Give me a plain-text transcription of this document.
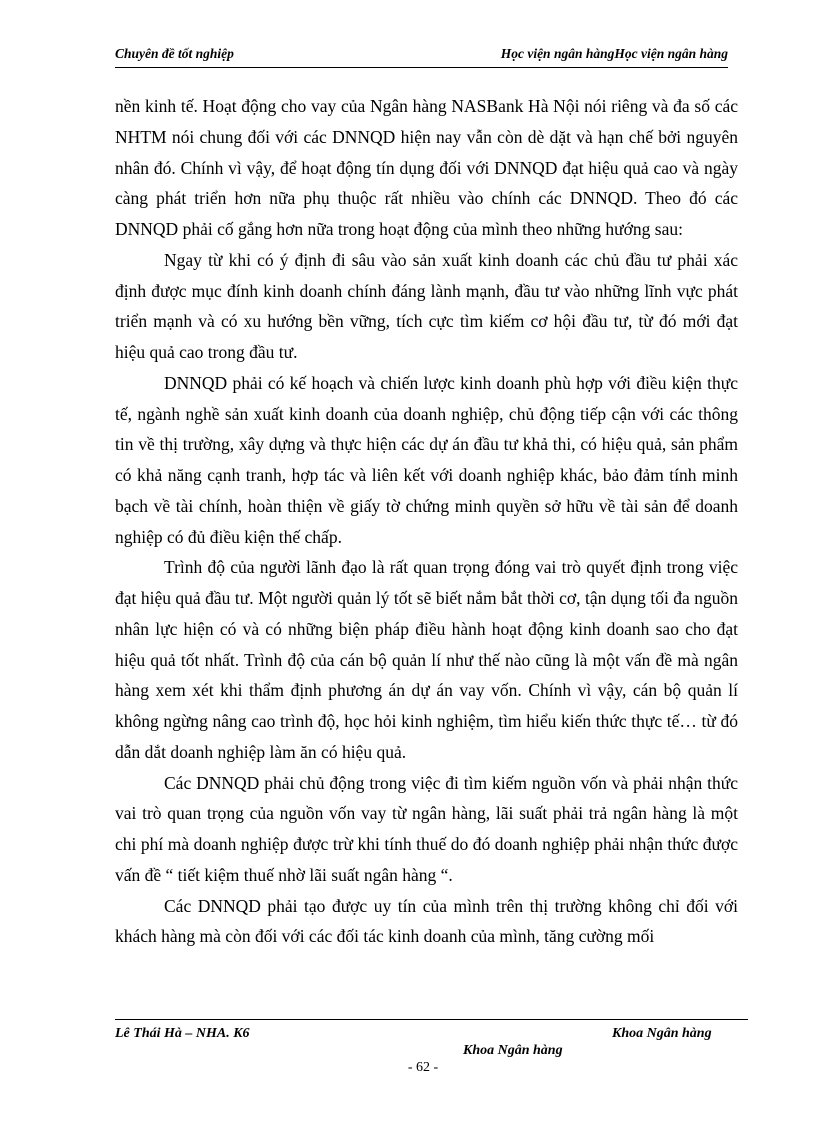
Chuyên đề tốt nghiệp	Học viện ngân hàngHọc viện ngân hàng

nền kinh tế. Hoạt động cho vay của Ngân hàng NASBank Hà Nội nói riêng và đa số các NHTM nói chung đối với các DNNQD hiện nay vẫn còn dè dặt và hạn chế bởi nguyên nhân đó. Chính vì vậy, để hoạt động tín dụng đối với DNNQD đạt hiệu quả cao và ngày càng phát triển hơn nữa phụ thuộc rất nhiều vào chính các DNNQD. Theo đó các DNNQD phải cố gắng hơn nữa trong hoạt động của mình theo những hướng sau:

Ngay từ khi có ý định đi sâu vào sản xuất kinh doanh các chủ đầu tư phải xác định được mục đính kinh doanh chính đáng lành mạnh, đầu tư vào những lĩnh vực phát triển mạnh và có xu hướng bền vững, tích cực tìm kiếm cơ hội đầu tư, từ đó mới đạt hiệu quả cao trong đầu tư.

DNNQD phải có kế hoạch và chiến lược kinh doanh phù hợp với điều kiện thực tế, ngành nghề sản xuất kinh doanh của doanh nghiệp, chủ động tiếp cận với các thông tin về thị trường, xây dựng và thực hiện các dự án đầu tư khả thi, có hiệu quả, sản phẩm có khả năng cạnh tranh, hợp tác và liên kết với doanh nghiệp khác, bảo đảm tính minh bạch về tài chính, hoàn thiện về giấy tờ chứng minh quyền sở hữu về tài sản để doanh nghiệp có đủ điều kiện thế chấp.

Trình độ của người lãnh đạo là rất quan trọng đóng vai trò quyết định trong việc đạt hiệu quả đầu tư. Một người quản lý tốt sẽ biết nắm bắt thời cơ, tận dụng tối đa nguồn nhân lực hiện có và có những biện pháp điều hành hoạt động kinh doanh sao cho đạt hiệu quả tốt nhất. Trình độ của cán bộ quản lí như thế nào cũng là một vấn đề mà ngân hàng xem xét khi thẩm định phương án dự án vay vốn. Chính vì vậy, cán bộ quản lí không ngừng nâng cao trình độ, học hỏi kinh nghiệm, tìm hiểu kiến thức thực tế… từ đó dẫn dắt doanh nghiệp làm ăn có hiệu quả.

Các DNNQD phải chủ động trong việc đi tìm kiếm nguồn vốn và phải nhận thức vai trò quan trọng của nguồn vốn vay từ ngân hàng, lãi suất phải trả ngân hàng là một chi phí mà doanh nghiệp được trừ khi tính thuế do đó doanh nghiệp phải nhận thức được vấn đề “ tiết kiệm thuế nhờ lãi suất ngân hàng “.

Các DNNQD phải tạo được uy tín của mình trên thị trường không chỉ đối với khách hàng mà còn đối với các đối tác kinh doanh của mình, tăng cường mối

Lê Thái Hà – NHA. K6	Khoa Ngân hàng
Khoa Ngân hàng
- 62 -
